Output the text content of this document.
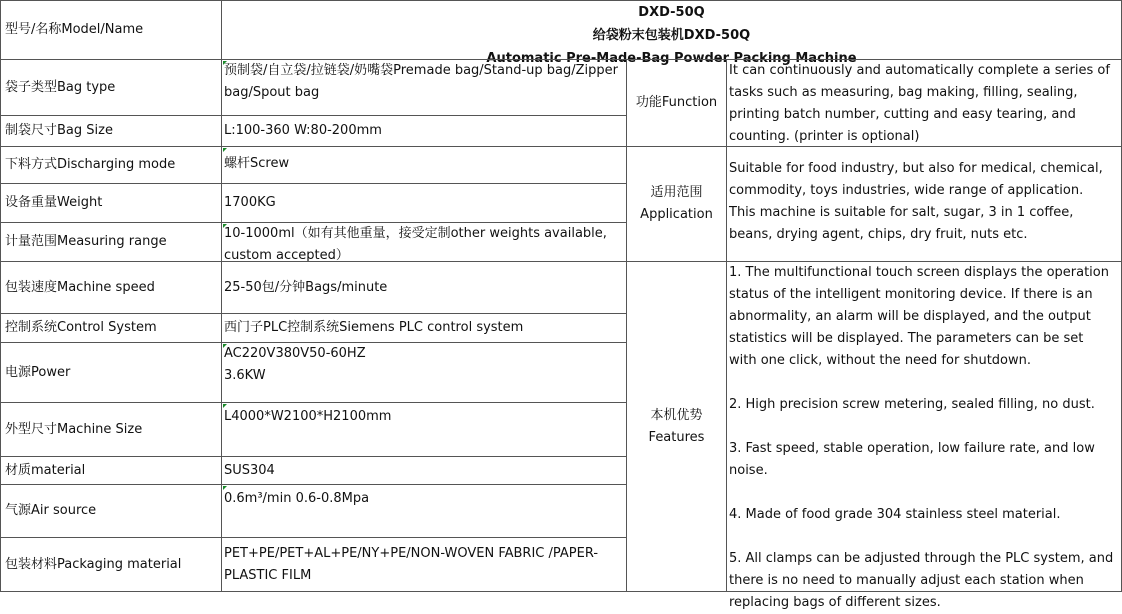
型号/名称Model/Name
DXD-50Q
给袋粉末包装机DXD-50Q
Automatic Pre-Made-Bag Powder Packing Machine
袋子类型Bag type
制袋尺寸Bag Size
下料方式Discharging mode
设备重量Weight
计量范围Measuring range
包装速度Machine speed
控制系统Control System
电源Power
外型尺寸Machine Size
材质material
气源Air source
包装材料Packaging material
预制袋/自立袋/拉链袋/奶嘴袋Premade bag/Stand-up bag/Zipper bag/Spout bag
L:100-360 W:80-200mm
螺杆Screw
1700KG
10-1000ml（如有其他重量，接受定制other weights available, custom accepted）
25-50包/分钟Bags/minute
西门子PLC控制系统Siemens PLC control system
AC220V380V50-60HZ
3.6KW
L4000*W2100*H2100mm
SUS304
0.6m³/min 0.6-0.8Mpa
PET+PE/PET+AL+PE/NY+PE/NON-WOVEN FABRIC /PAPER-PLASTIC FILM
功能Function
It can continuously and automatically complete a series of tasks such as measuring, bag making, filling, sealing, printing batch number, cutting and easy tearing, and counting. (printer is optional)
适用范围
Application

Suitable for food industry, but also for medical, chemical, commodity, toys industries, wide range of application.

This machine is suitable for salt, sugar, 3 in 1 coffee, beans, drying agent, chips, dry fruit, nuts etc.

本机优势
Features

1. The multifunctional touch screen displays the operation status of the intelligent monitoring device. If there is an abnormality, an alarm will be displayed, and the output statistics will be displayed. The parameters can be set with one click, without the need for shutdown.

2. High precision screw metering, sealed filling, no dust.

3. Fast speed, stable operation, low failure rate, and low noise.

4. Made of food grade 304 stainless steel material.

5. All clamps can be adjusted through the PLC system, and there is no need to manually adjust each station when replacing bags of different sizes.
